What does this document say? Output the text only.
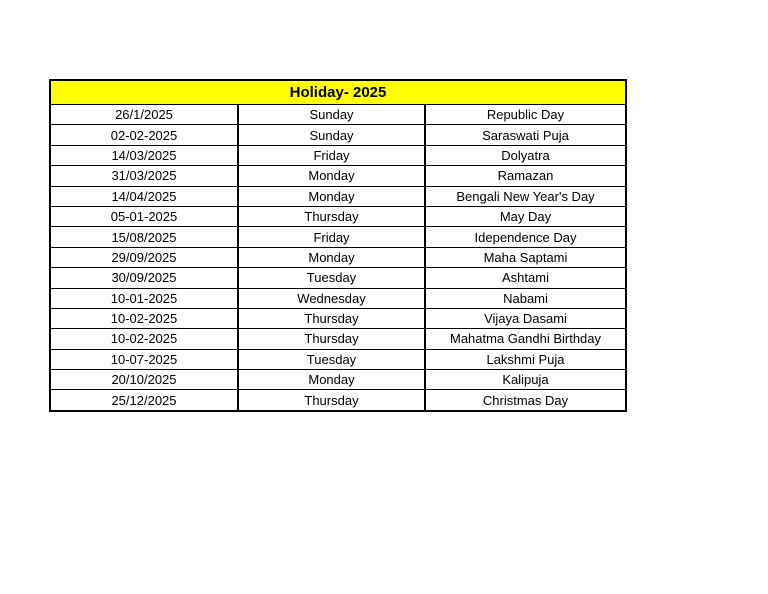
Holiday- 2025
26/1/2025	Sunday	Republic Day
02-02-2025	Sunday	Saraswati Puja
14/03/2025	Friday	Dolyatra
31/03/2025	Monday	Ramazan
14/04/2025	Monday	Bengali New Year's Day
05-01-2025	Thursday	May Day
15/08/2025	Friday	Idependence Day
29/09/2025	Monday	Maha Saptami
30/09/2025	Tuesday	Ashtami
10-01-2025	Wednesday	Nabami
10-02-2025	Thursday	Vijaya Dasami
10-02-2025	Thursday	Mahatma Gandhi Birthday
10-07-2025	Tuesday	Lakshmi Puja
20/10/2025	Monday	Kalipuja
25/12/2025	Thursday	Christmas Day
